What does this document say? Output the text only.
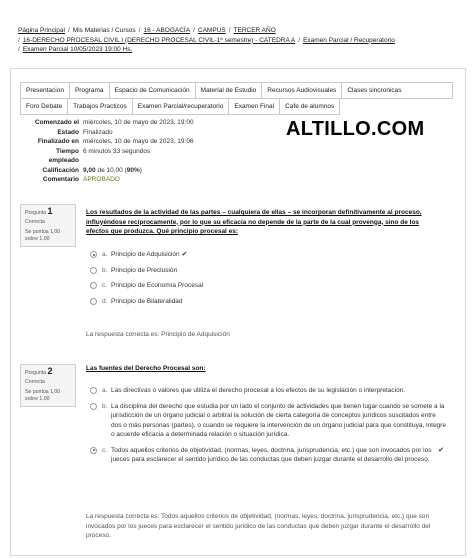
Página Principal / Mis Materias / Cursos / 16 - ABOGACÍA / CAMPUS / TERCER AÑO
/ 16-DERECHO PROCESAL CIVIL I (DERECHO PROCESAL CIVIL-1º semestre) - CATEDRA A / Examen Parcial / Recuperatorio
/ Examen Parcial 10/05/2023 19:00 Hs.
Presentacion	Programa	Espacio de Comunicación	Material de Estudio	Recursos Audiovisuales	Clases sincronicas
Foro Debate	Trabajos Practicos	Examen Parcial/recuperatorio	Examen Final	Cafe de alumnos
Comenzado el miércoles, 10 de mayo de 2023, 19:00
Estado Finalizado
Finalizado en miércoles, 10 de mayo de 2023, 19:06
Tiempo 6 minutos 33 segundos
empleado
Calificación 9,00 de 10,00 (90%)
Comentario APROBADO
ALTILLO.COM
Pregunta 1
Correcta
Se puntúa 1,00 sobre 1,00
Los resultados de la actividad de las partes – cualquiera de ellas – se incorporan definitivamente al proceso, influyéndose recíprocamente, por lo que su eficacia no depende de la parte de la cual provenga, sino de los efectos que produzca. Qué principio procesal es:
a. Principio de Adquisición ✔
b. Principio de Preclusión
c. Principio de Economía Procesal
d. Principio de Bilateralidad
La respuesta correcta es: Principio de Adquisición
Pregunta 2
Correcta
Se puntúa 1,00 sobre 1,00
Las fuentes del Derecho Procesal son:
a. Las directivas o valores que utiliza el derecho procesal a los efectos de su legislación o interpretación.
b. La disciplina del derecho que estudia por un lado el conjunto de actividades que tienen lugar cuando se somete a la jurisdicción de un órgano judicial o arbitral la solución de cierta categoría de conceptos jurídicos suscitados entre dos o más personas (partes), o cuando se requiere la intervención de un órgano judicial para que constituya, integre o acuerde eficacia a determinada relación o situación jurídica.
c. Todos aquellos criterios de objetividad, (normas, leyes, doctrina, jurisprudencia, etc.) que son invocados por los jueces para esclarecer el sentido jurídico de las conductas que deben juzgar durante el desarrollo del proceso.
✔
La respuesta correcta es: Todos aquellos criterios de objetividad, (normas, leyes, doctrina, jurisprudencia, etc.) que son invocados por los jueces para esclarecer el sentido jurídico de las conductas que deben juzgar durante el desarrollo del proceso.
